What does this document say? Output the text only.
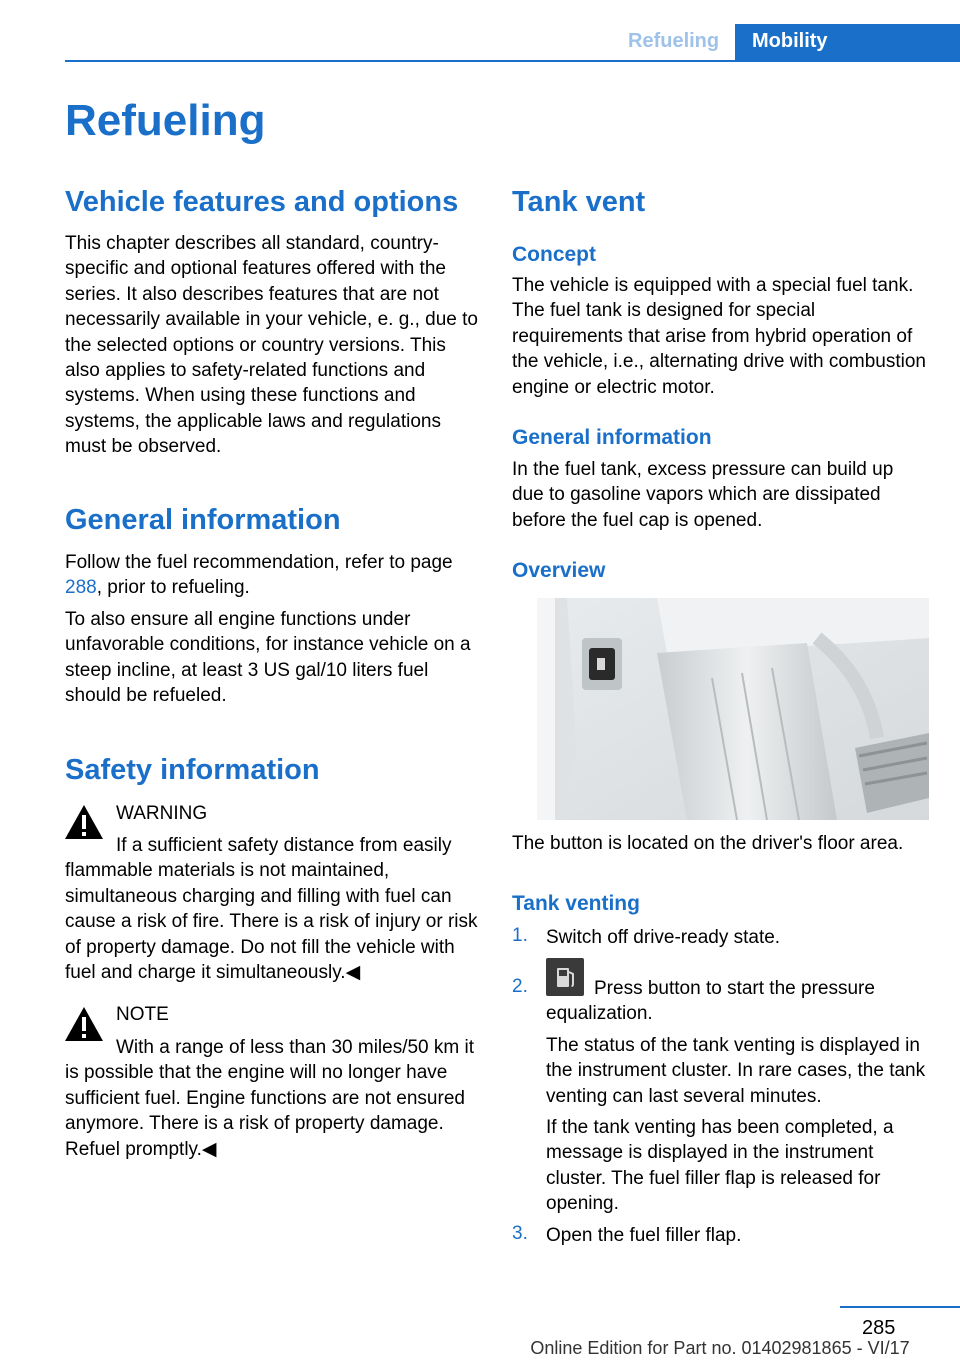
Refueling Mobility
Refueling
Vehicle features and options
This chapter describes all standard, country-specific and optional features offered with the series. It also describes features that are not necessarily available in your vehicle, e. g., due to the selected options or country versions. This also applies to safety-related functions and systems. When using these functions and systems, the applicable laws and regulations must be observed.
General information
Follow the fuel recommendation, refer to page 288, prior to refueling.
To also ensure all engine functions under unfavorable conditions, for instance vehicle on a steep incline, at least 3 US gal/10 liters fuel should be refueled.
Safety information
WARNING
If a sufficient safety distance from easily flammable materials is not maintained, simultaneous charging and filling with fuel can cause a risk of fire. There is a risk of injury or risk of property damage. Do not fill the vehicle with fuel and charge it simultaneously.◀
NOTE
With a range of less than 30 miles/50 km it is possible that the engine will no longer have sufficient fuel. Engine functions are not ensured anymore. There is a risk of property damage. Refuel promptly.◀
Tank vent
Concept
The vehicle is equipped with a special fuel tank. The fuel tank is designed for special requirements that arise from hybrid operation of the vehicle, i.e., alternating drive with combustion engine or electric motor.
General information
In the fuel tank, excess pressure can build up due to gasoline vapors which are dissipated before the fuel cap is opened.
Overview
The button is located on the driver's floor area.
Tank venting
1. Switch off drive-ready state.
2.	Press button to start the pressure equalization.
The status of the tank venting is displayed in the instrument cluster. In rare cases, the tank venting can last several minutes.
If the tank venting has been completed, a message is displayed in the instrument cluster. The fuel filler flap is released for opening.
3. Open the fuel filler flap.
285
Online Edition for Part no. 01402981865 - VI/17
